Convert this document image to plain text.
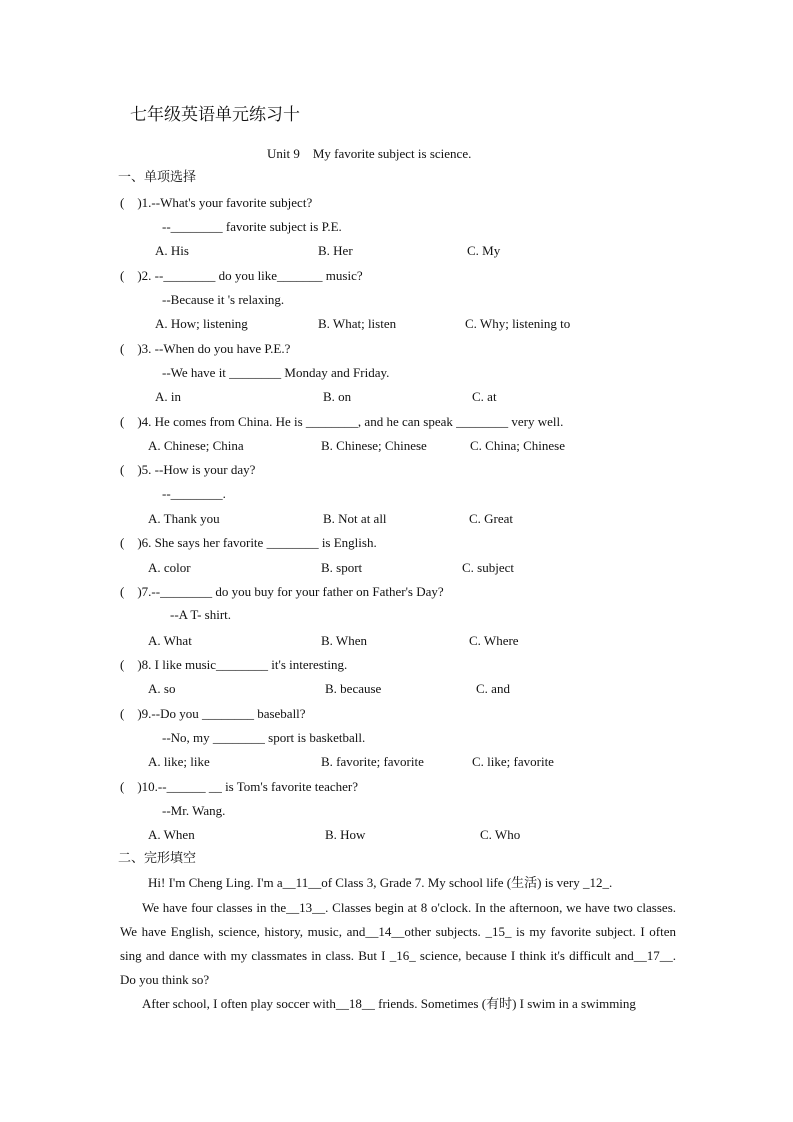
七年级英语单元练习十
Unit 9    My favorite subject is science.
一、单项选择
(    )1.--What's your favorite subject?
--________ favorite subject is P.E.
A. His	B. Her	C. My
(    )2. --________ do you like_______ music?
--Because it 's relaxing.
A. How; listening	B. What; listen	C. Why; listening to
(    )3. --When do you have P.E.?
--We have it ________ Monday and Friday.
A. in	B. on	C. at
(    )4. He comes from China. He is ________, and he can speak ________ very well.
A. Chinese; China	B. Chinese; Chinese	C. China; Chinese
(    )5. --How is your day?
--________.
A. Thank you	B. Not at all	C. Great
(    )6. She says her favorite ________ is English.
A. color	B. sport	C. subject
(    )7.--________ do you buy for your father on Father's Day?
--A T- shirt.
A. What	B. When	C. Where
(    )8. I like music________ it's interesting.
A. so	B. because	C. and
(    )9.--Do you ________ baseball?
--No, my ________ sport is basketball.
A. like; like	B. favorite; favorite	C. like; favorite
(    )10.--______ __ is Tom's favorite teacher?
--Mr. Wang.
A. When	B. How	C. Who
二、完形填空
Hi! I'm Cheng Ling. I'm a__11__of Class 3, Grade 7. My school life (生活) is very _12_.
We have four classes in the__13__. Classes begin at 8 o'clock. In the afternoon, we have two classes. We have English, science, history, music, and__14__other subjects. _15_ is my favorite subject. I often sing and dance with my classmates in class. But I _16_ science, because I think it's difficult and__17__. Do you think so?
After school, I often play soccer with__18__ friends. Sometimes (有时) I swim in a swimming
